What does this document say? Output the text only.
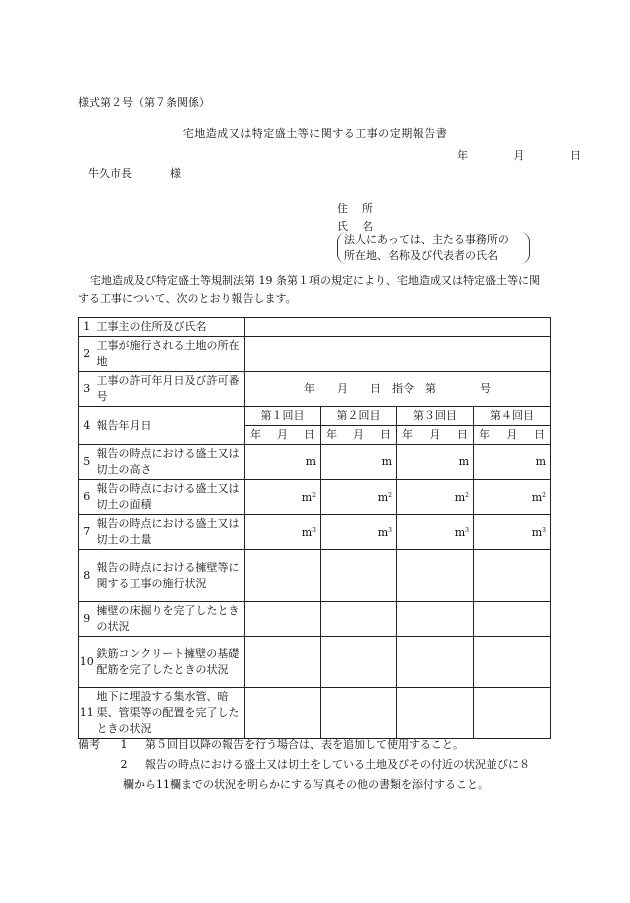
様式第２号（第７条関係）
宅地造成又は特定盛土等に関する工事の定期報告書
年	月	日
牛久市長	様
住　 所
氏　 名
法人にあっては、主たる事務所の
所在地、名称及び代表者の氏名
宅地造成及び特定盛土等規制法第 19 条第１項の規定により、宅地造成又は特定盛土等に関する工事について、次のとおり報告します。
1	工事主の住所及び氏名				
2	工事が施行される土地の所在地				
3	工事の許可年月日及び許可番号	年　　月　　日　指令　第　　　　号			
4	報告年月日	第１回目	第２回目	第３回目	第４回目

		年 月 日	年 月 日	年 月 日	年 月 日

5	報告の時点における盛土又は切土の高さ	m	m	m	m
6	報告の時点における盛土又は切土の面積	$m^2$	$m^2$	$m^2$	$m^2$
7	報告の時点における盛土又は切土の土量	$m^3$	$m^3$	$m^3$	$m^3$
8	報告の時点における擁壁等に関する工事の施行状況				
9	擁壁の床掘りを完了したときの状況				
10	鉄筋コンクリート擁壁の基礎配筋を完了したときの状況				
11	地下に埋設する集水管、暗渠、管渠等の配置を完了したときの状況				
備考 1　 第５回目以降の報告を行う場合は、表を追加して使用すること。
2　 報告の時点における盛土又は切土をしている土地及びその付近の状況並びに８
欄から11欄までの状況を明らかにする写真その他の書類を添付すること。
